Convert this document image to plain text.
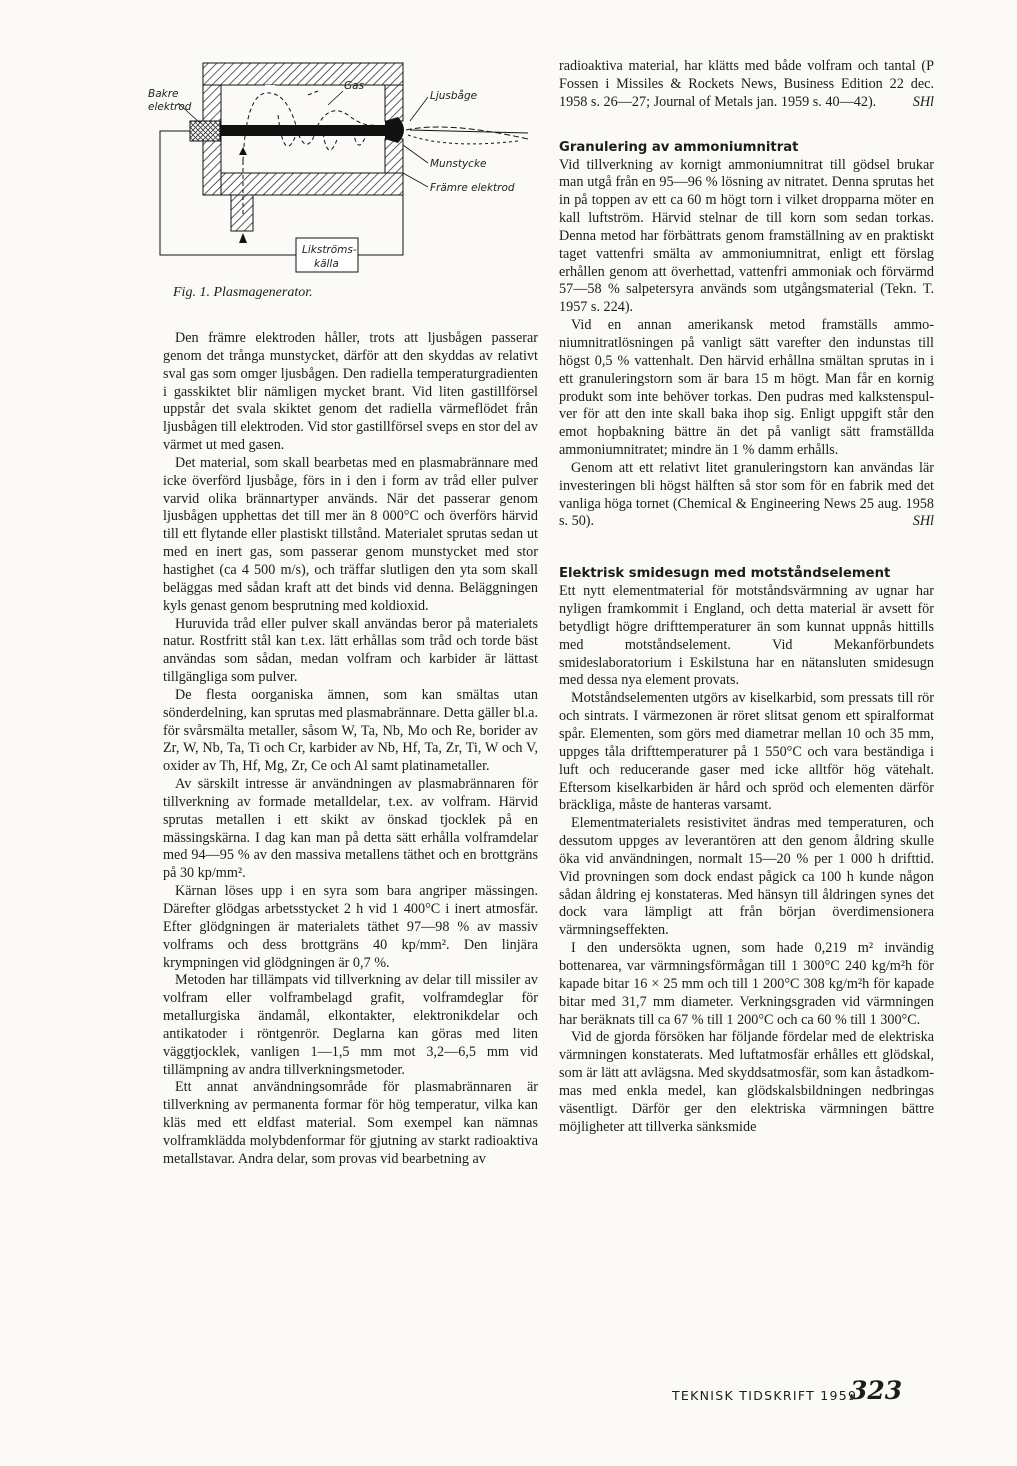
Bakre
elektrod
Gas
Ljusbåge
Munstycke
Främre elektrod
Likströms-
källa

Fig. 1. Plasmagenerator.

Den främre elektroden håller, trots att ljusbågen passerar genom det trånga munstycket, därför att den skyddas av relativt sval gas som omger ljusbågen. Den radiella temperaturgradienten i gasskiktet blir nämligen mycket brant. Vid liten gastillförsel uppstår det svala skiktet genom det radiella värmeflödet från ljusbågen till elektroden. Vid stor gastillförsel sveps en stor del av värmet ut med gasen.

Det material, som skall bearbetas med en plasmabrännare med icke överförd ljusbåge, förs in i den i form av tråd eller pulver varvid olika brännartyper används. När det passerar genom ljusbågen upphettas det till mer än 8 000°C och överförs härvid till ett flytande eller plastiskt tillstånd. Materialet sprutas sedan ut med en inert gas, som passerar genom munstycket med stor hastighet (ca 4 500 m/s), och träffar slutligen den yta som skall beläggas med sådan kraft att det binds vid denna. Beläggningen kyls genast genom besprutning med koldioxid.

Huruvida tråd eller pulver skall användas beror på materialets natur. Rostfritt stål kan t.ex. lätt erhållas som tråd och torde bäst användas som sådan, medan volfram och karbider är lättast tillgängliga som pulver.

De flesta oorganiska ämnen, som kan smältas utan sönderdelning, kan sprutas med plasmabrännare. Detta gäller bl.a. för svårsmälta metaller, såsom W, Ta, Nb, Mo och Re, borider av Zr, W, Nb, Ta, Ti och Cr, karbider av Nb, Hf, Ta, Zr, Ti, W och V, oxider av Th, Hf, Mg, Zr, Ce och Al samt platinametaller.

Av särskilt intresse är användningen av plasmabrännaren för tillverkning av formade metalldelar, t.ex. av volfram. Härvid sprutas metallen i ett skikt av önskad tjocklek på en mässingskärna. I dag kan man på detta sätt erhålla volframdelar med 94—95 % av den massiva metallens täthet och en brottgräns på 30 kp/mm².

Kärnan löses upp i en syra som bara angriper mässingen. Därefter glödgas arbetsstycket 2 h vid 1 400°C i inert atmosfär. Efter glödgningen är materialets täthet 97—98 % av massiv volframs och dess brottgräns 40 kp/mm². Den linjära krympningen vid glödgningen är 0,7 %.

Metoden har tillämpats vid tillverkning av delar till missiler av volfram eller volframbelagd grafit, volframdeglar för metallurgiska ändamål, elkontakter, elektronikdelar och antikatoder i röntgenrör. Deglarna kan göras med liten väggtjocklek, vanligen 1—1,5 mm mot 3,2—6,5 mm vid tillämpning av andra tillverkningsmetoder.

Ett annat användningsområde för plasmabrännaren är tillverkning av permanenta formar för hög temperatur, vilka kan kläs med ett eldfast material. Som exempel kan nämnas volframklädda molybdenformar för gjutning av starkt radioaktiva metallstavar. Andra delar, som provas vid bearbetning av

radioaktiva material, har klätts med både volfram och tantal (P Fossen i Missiles & Rockets News, Business Edition 22 dec. 1958 s. 26—27; Journal of Metals jan. 1959 s. 40—42).	SHl

Granulering av ammoniumnitrat

Vid tillverkning av kornigt ammoniumnitrat till gödsel brukar man utgå från en 95—96 % lösning av nitratet. Denna sprutas het in på toppen av ett ca 60 m högt torn i vilket dropparna möter en kall luftström. Härvid stelnar de till korn som sedan torkas. Denna metod har förbättrats genom framställning av en praktiskt taget vattenfri smälta av ammoniumnitrat, enligt ett förslag erhållen genom att överhettad, vattenfri ammoniak och förvärmd 57—58 % salpetersyra används som utgångsmaterial (Tekn. T. 1957 s. 224).

Vid en annan amerikansk metod framställs ammoniumnitratlösningen på vanligt sätt varefter den indunstas till högst 0,5 % vattenhalt. Den härvid erhållna smältan sprutas in i ett granuleringstorn som är bara 15 m högt. Man får en kornig produkt som inte behöver torkas. Den pudras med kalkstenspulver för att den inte skall baka ihop sig. Enligt uppgift står den emot hopbakning bättre än det på vanligt sätt framställda ammoniumnitratet; mindre än 1 % damm erhålls.

Genom att ett relativt litet granuleringstorn kan användas lär investeringen bli högst hälften så stor som för en fabrik med det vanliga höga tornet (Chemical & Engineering News 25 aug. 1958 s. 50).	SHl

Elektrisk smidesugn med motståndselement

Ett nytt elementmaterial för motståndsvärmning av ugnar har nyligen framkommit i England, och detta material är avsett för betydligt högre drifttemperaturer än som kunnat uppnås hittills med motståndselement. Vid Mekanförbundets smideslaboratorium i Eskilstuna har en nätansluten smidesugn med dessa nya element provats.

Motståndselementen utgörs av kiselkarbid, som pressats till rör och sintrats. I värmezonen är röret slitsat genom ett spiralformat spår. Elementen, som görs med diametrar mellan 10 och 35 mm, uppges tåla drifttemperaturer på 1 550°C och vara beständiga i luft och reducerande gaser med icke alltför hög vätehalt. Eftersom kiselkarbiden är hård och spröd och elementen därför bräckliga, måste de hanteras varsamt.

Elementmaterialets resistivitet ändras med temperaturen, och dessutom uppges av leverantören att den genom åldring skulle öka vid användningen, normalt 15—20 % per 1 000 h drifttid. Vid provningen som dock endast pågick ca 100 h kunde någon sådan åldring ej konstateras. Med hänsyn till åldringen synes det dock vara lämpligt att från början överdimensionera värmningseffekten.

I den undersökta ugnen, som hade 0,219 m² invändig bottenarea, var värmningsförmågan till 1 300°C 240 kg/m²h för kapade bitar 16 × 25 mm och till 1 200°C 308 kg/m²h för kapade bitar med 31,7 mm diameter. Verkningsgraden vid värmningen har beräknats till ca 67 % till 1 200°C och ca 60 % till 1 300°C.

Vid de gjorda försöken har följande fördelar med de elektriska värmningen konstaterats. Med luftatmosfär erhålles ett glödskal, som är lätt att avlägsna. Med skyddsatmosfär, som kan åstadkommas med enkla medel, kan glödskalsbildningen nedbringas väsentligt. Därför ger den elektriska värmningen bättre möjligheter att tillverka sänksmide

TEKNISK TIDSKRIFT 1959
323
